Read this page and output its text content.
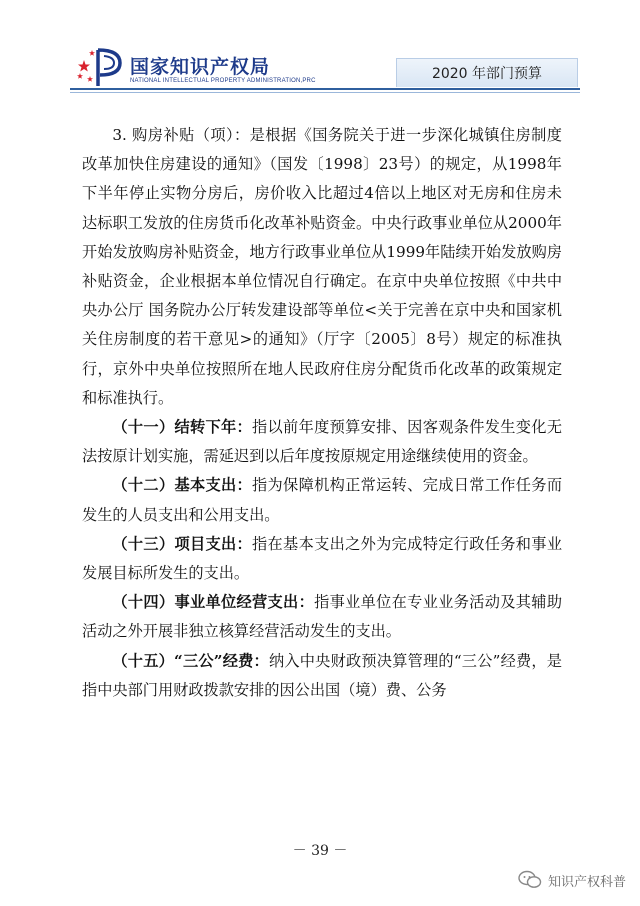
国家知识产权局
NATIONAL INTELLECTUAL PROPERTY ADMINISTRATION,PRC	2020 年部门预算

3. 购房补贴（项）：是根据《国务院关于进一步深化城镇住房制度改革加快住房建设的通知》（国发〔1998〕23号）的规定，从1998年下半年停止实物分房后，房价收入比超过4倍以上地区对无房和住房未达标职工发放的住房货币化改革补贴资金。中央行政事业单位从2000年开始发放购房补贴资金，地方行政事业单位从1999年陆续开始发放购房补贴资金，企业根据本单位情况自行确定。在京中央单位按照《中共中央办公厅 国务院办公厅转发建设部等单位<关于完善在京中央和国家机关住房制度的若干意见>的通知》（厅字〔2005〕8号）规定的标准执行，京外中央单位按照所在地人民政府住房分配货币化改革的政策规定和标准执行。

（十一）结转下年：指以前年度预算安排、因客观条件发生变化无法按原计划实施，需延迟到以后年度按原规定用途继续使用的资金。

（十二）基本支出：指为保障机构正常运转、完成日常工作任务而发生的人员支出和公用支出。

（十三）项目支出：指在基本支出之外为完成特定行政任务和事业发展目标所发生的支出。

（十四）事业单位经营支出：指事业单位在专业业务活动及其辅助活动之外开展非独立核算经营活动发生的支出。

（十五）“三公”经费：纳入中央财政预决算管理的“三公”经费，是指中央部门用财政拨款安排的因公出国（境）费、公务

－ 39 －
知识产权科普
